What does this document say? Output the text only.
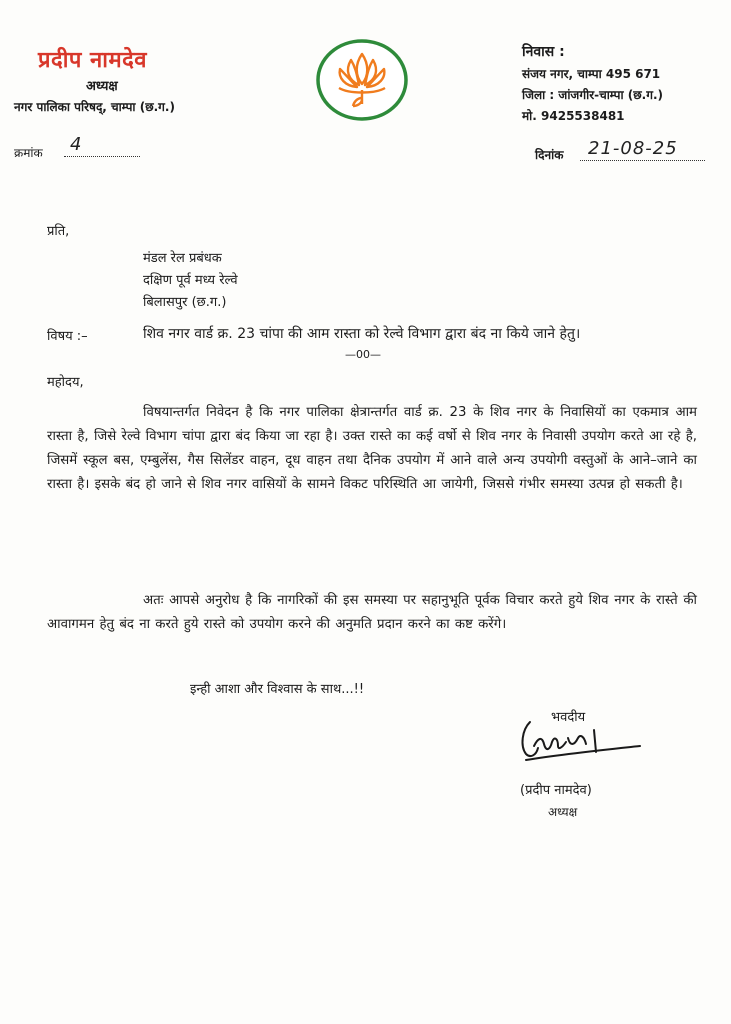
प्रदीप नामदेव
अध्यक्ष
नगर पालिका परिषद्, चाम्पा (छ.ग.)
निवास :
संजय नगर, चाम्पा 495 671
जिला : जांजगीर-चाम्पा (छ.ग.)
मो. 9425538481
क्रमांक 4	दिनांक 21-08-25
प्रति,
मंडल रेल प्रबंधक
दक्षिण पूर्व मध्य रेल्वे
बिलासपुर (छ.ग.)
विषय :–	शिव नगर वार्ड क्र. 23 चांपा की आम रास्ता को रेल्वे विभाग द्वारा बंद ना किये जाने हेतु।
—00—
महोदय,
विषयान्तर्गत निवेदन है कि नगर पालिका क्षेत्रान्तर्गत वार्ड क्र. 23 के शिव नगर के निवासियों का एकमात्र आम रास्ता है, जिसे रेल्वे विभाग चांपा द्वारा बंद किया जा रहा है। उक्त रास्ते का कई वर्षो से शिव नगर के निवासी उपयोग करते आ रहे है, जिसमें स्कूल बस, एम्बुलेंस, गैस सिलेंडर वाहन, दूध वाहन तथा दैनिक उपयोग में आने वाले अन्य उपयोगी वस्तुओं के आने–जाने का रास्ता है। इसके बंद हो जाने से शिव नगर वासियों के सामने विकट परिस्थिति आ जायेगी, जिससे गंभीर समस्या उत्पन्न हो सकती है।
अतः आपसे अनुरोध है कि नागरिकों की इस समस्या पर सहानुभूति पूर्वक विचार करते हुये शिव नगर के रास्ते की आवागमन हेतु बंद ना करते हुये रास्ते को उपयोग करने की अनुमति प्रदान करने का कष्ट करेंगे।
इन्ही आशा और विश्वास के साथ...!!
भवदीय
(प्रदीप नामदेव)
अध्यक्ष
